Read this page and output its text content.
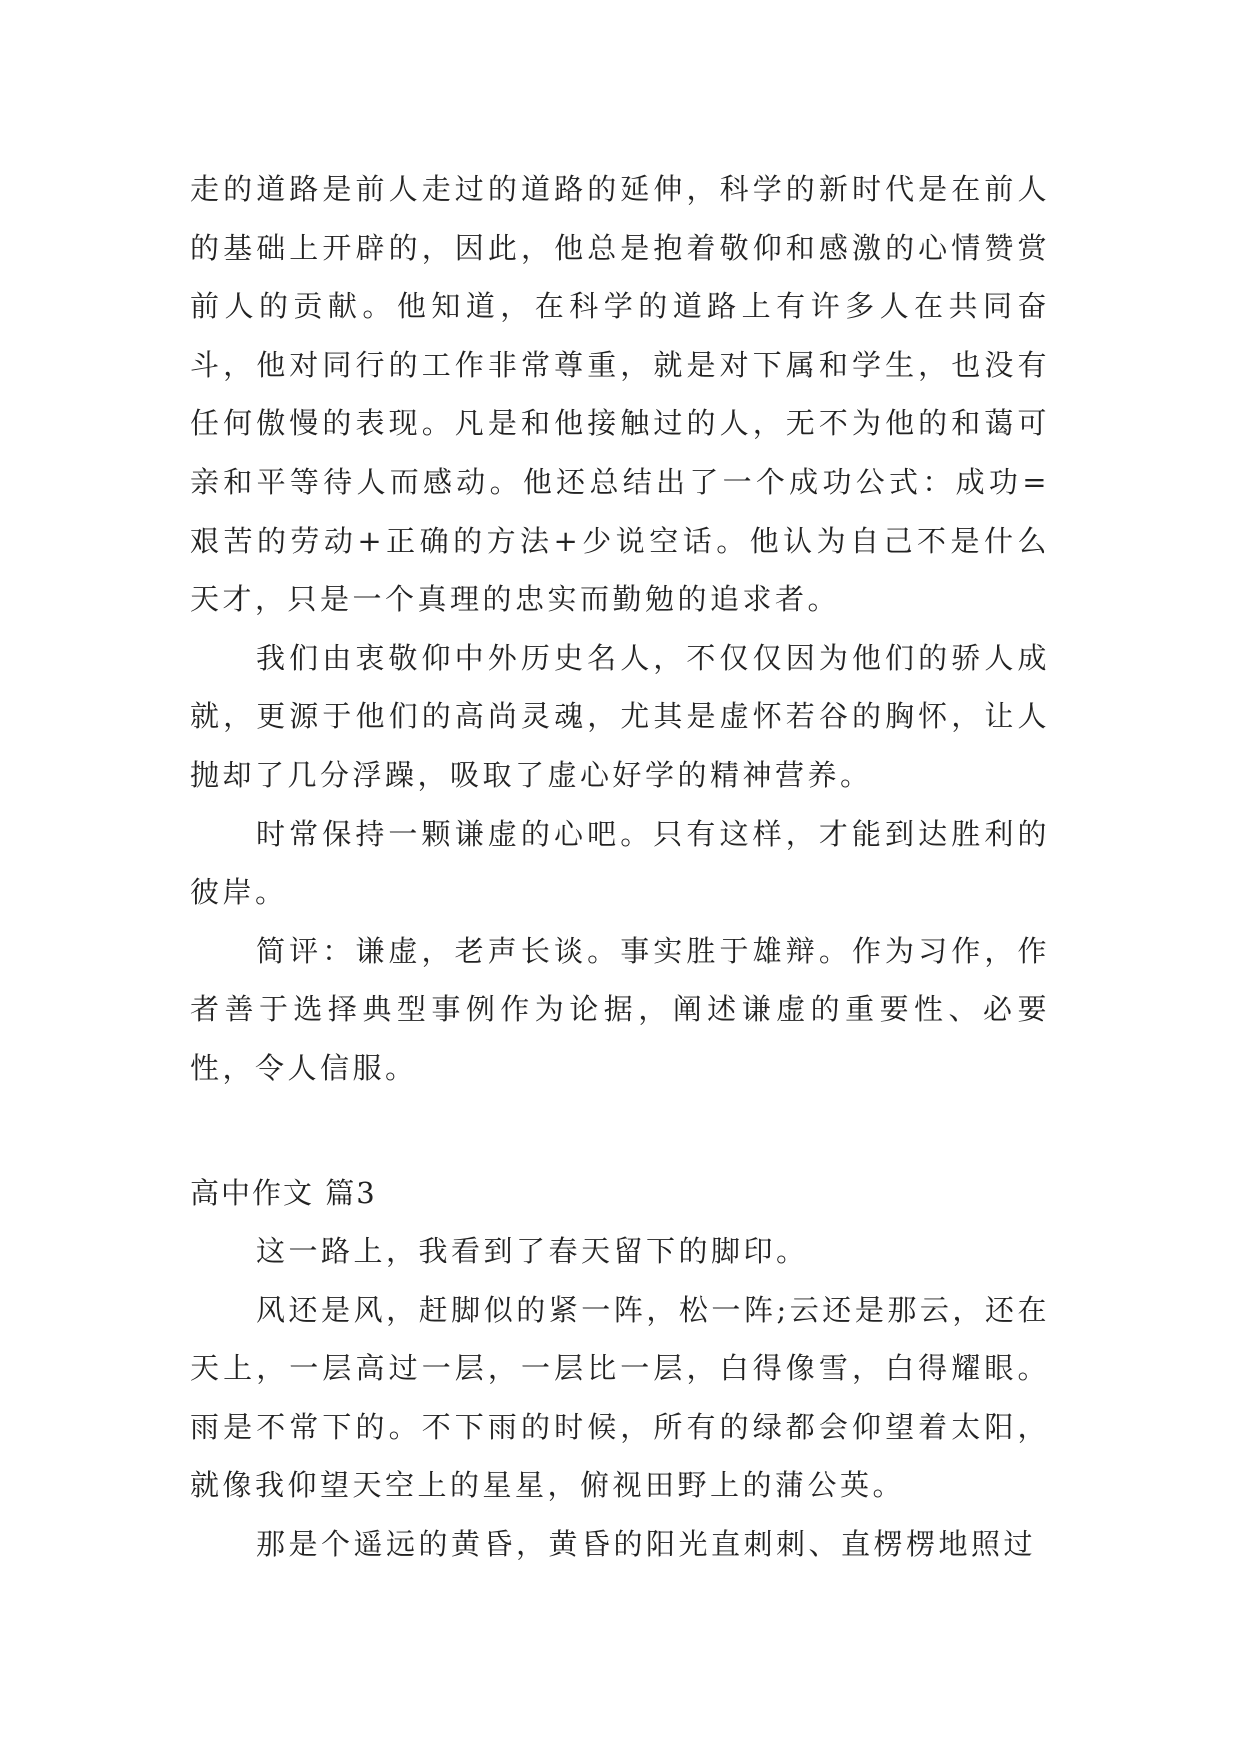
走的道路是前人走过的道路的延伸，科学的新时代是在前人的基础上开辟的，因此，他总是抱着敬仰和感激的心情赞赏前人的贡献。他知道，在科学的道路上有许多人在共同奋斗，他对同行的工作非常尊重，就是对下属和学生，也没有任何傲慢的表现。凡是和他接触过的人，无不为他的和蔼可亲和平等待人而感动。他还总结出了一个成功公式：成功=艰苦的劳动+正确的方法+少说空话。他认为自己不是什么天才，只是一个真理的忠实而勤勉的追求者。

我们由衷敬仰中外历史名人，不仅仅因为他们的骄人成就，更源于他们的高尚灵魂，尤其是虚怀若谷的胸怀，让人抛却了几分浮躁，吸取了虚心好学的精神营养。

时常保持一颗谦虚的心吧。只有这样，才能到达胜利的彼岸。

简评：谦虚，老声长谈。事实胜于雄辩。作为习作，作者善于选择典型事例作为论据，阐述谦虚的重要性、必要性，令人信服。

高中作文 篇3

这一路上，我看到了春天留下的脚印。

风还是风，赶脚似的紧一阵，松一阵;云还是那云，还在天上，一层高过一层，一层比一层，白得像雪，白得耀眼。雨是不常下的。不下雨的时候，所有的绿都会仰望着太阳，就像我仰望天空上的星星，俯视田野上的蒲公英。

那是个遥远的黄昏，黄昏的阳光直刺刺、直楞楞地照过
